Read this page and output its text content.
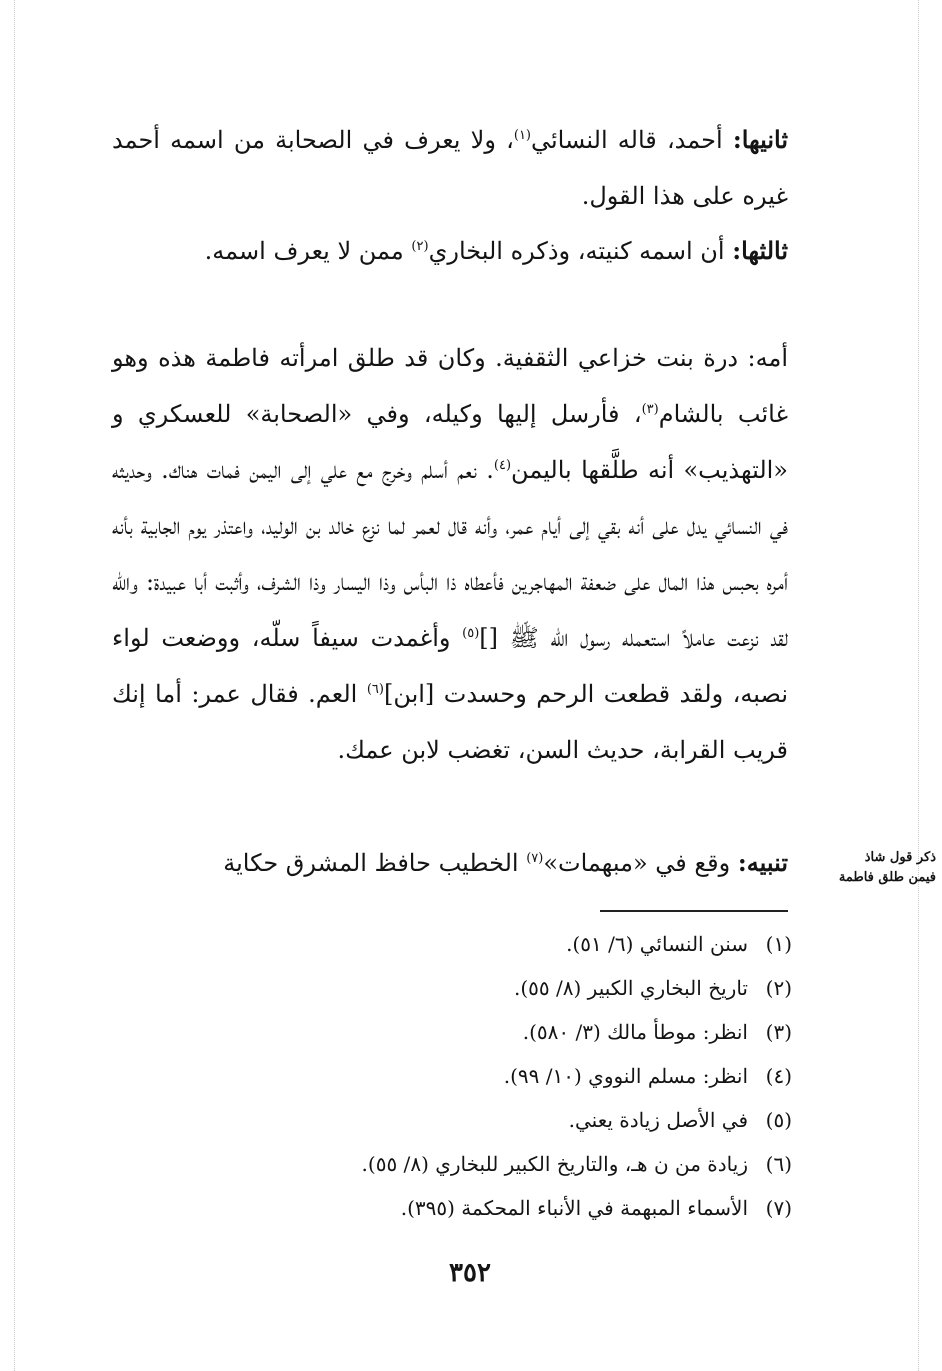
ثانيها: أحمد، قاله النسائي$^{(١)}$، ولا يعرف في الصحابة من اسمه أحمد غيره على هذا القول.

ثالثها: أن اسمه كنيته، وذكره البخاري$^{(٢)}$ ممن لا يعرف اسمه.

أمه: درة بنت خزاعي الثقفية. وكان قد طلق امرأته فاطمة هذه وهو غائب بالشام$^{(٣)}$، فأرسل إليها وكيله، وفي «الصحابة» للعسكري و «التهذيب» أنه طلَّقها باليمن$^{(٤)}$. نعم أسلم وخرج مع علي إلى اليمن فمات هناك. وحديثه في النسائي يدل على أنه بقي إلى أيام عمر، وأنه قال لعمر لما نزع خالد بن الوليد، واعتذر يوم الجابية بأنه أمره بحبس هذا المال على ضعفة المهاجرين فأعطاه ذا البأس وذا اليسار وذا الشرف، وأثبت أبا عبيدة: والله لقد نزعت عاملاً استعمله رسول الله ﷺ []$^{(٥)}$ وأغمدت سيفاً سلّه، ووضعت لواء نصبه، ولقد قطعت الرحم وحسدت [ابن]$^{(٦)}$ العم. فقال عمر: أما إنك قريب القرابة، حديث السن، تغضب لابن عمك.

تنبيه: وقع في «مبهمات»$^{(٧)}$ الخطيب حافظ المشرق حكاية	ذكر قول شاذ
فيمن طلق فاطمة
(١)سنن النسائي (٦/ ٥١).
(٢)تاريخ البخاري الكبير (٨/ ٥٥).
(٣)انظر: موطأ مالك (٣/ ٥٨٠).
(٤)انظر: مسلم النووي (١٠/ ٩٩).
(٥)في الأصل زيادة يعني.
(٦)زيادة من ن هـ، والتاريخ الكبير للبخاري (٨/ ٥٥).
(٧)الأسماء المبهمة في الأنباء المحكمة (٣٩٥).
٣٥٢
